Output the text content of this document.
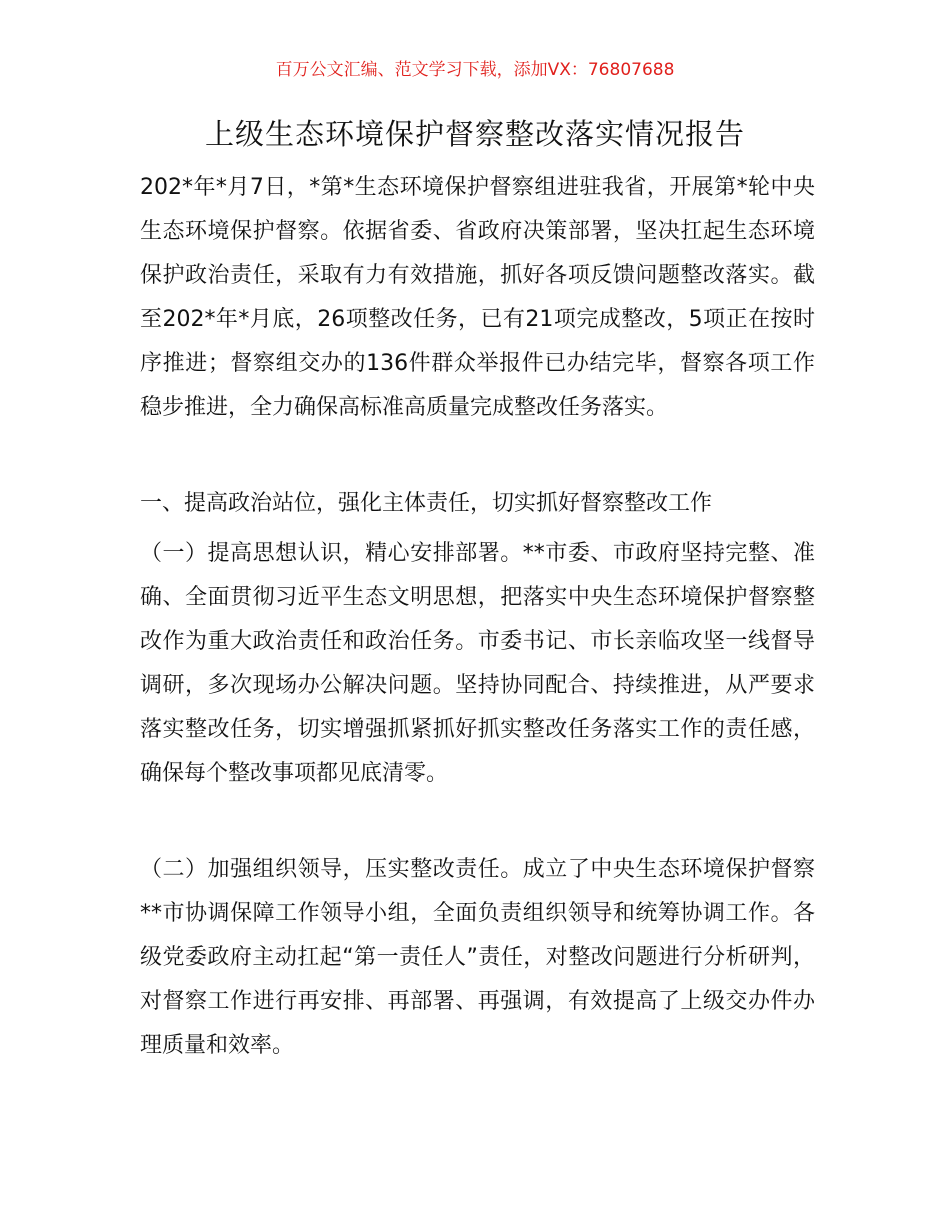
百万公文汇编、范文学习下载，添加VX：76807688
上级生态环境保护督察整改落实情况报告

202*年*月7日，*第*生态环境保护督察组进驻我省，开展第*轮中央生态环境保护督察。依据省委、省政府决策部署，坚决扛起生态环境保护政治责任，采取有力有效措施，抓好各项反馈问题整改落实。截至202*年*月底，26项整改任务，已有21项完成整改，5项正在按时序推进；督察组交办的136件群众举报件已办结完毕，督察各项工作稳步推进，全力确保高标准高质量完成整改任务落实。

一、提高政治站位，强化主体责任，切实抓好督察整改工作

（一）提高思想认识，精心安排部署。**市委、市政府坚持完整、准确、全面贯彻习近平生态文明思想，把落实中央生态环境保护督察整改作为重大政治责任和政治任务。市委书记、市长亲临攻坚一线督导调研，多次现场办公解决问题。坚持协同配合、持续推进，从严要求落实整改任务，切实增强抓紧抓好抓实整改任务落实工作的责任感，确保每个整改事项都见底清零。

（二）加强组织领导，压实整改责任。成立了中央生态环境保护督察**市协调保障工作领导小组，全面负责组织领导和统筹协调工作。各级党委政府主动扛起“第一责任人”责任，对整改问题进行分析研判，对督察工作进行再安排、再部署、再强调，有效提高了上级交办件办理质量和效率。
